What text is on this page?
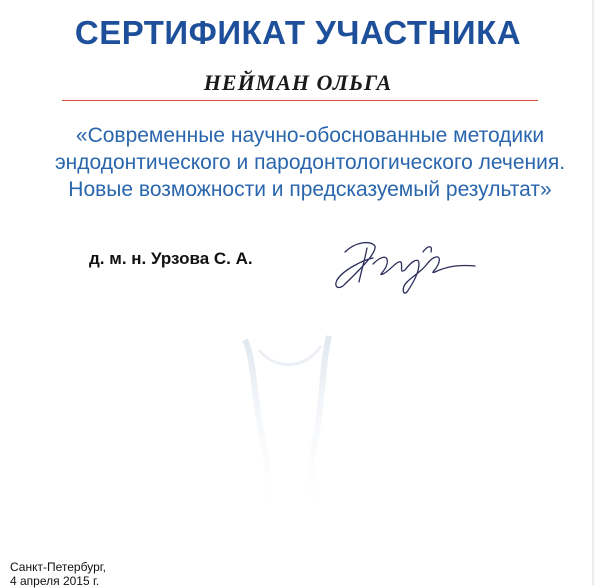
СЕРТИФИКАТ УЧАСТНИКА
НЕЙМАН ОЛЬГА
«Современные научно-обоснованные методики
эндодонтического и пародонтологического лечения.
Новые возможности и предсказуемый результат»
д. м. н. Урзова С. А.
Санкт-Петербург,
4 апреля 2015 г.
